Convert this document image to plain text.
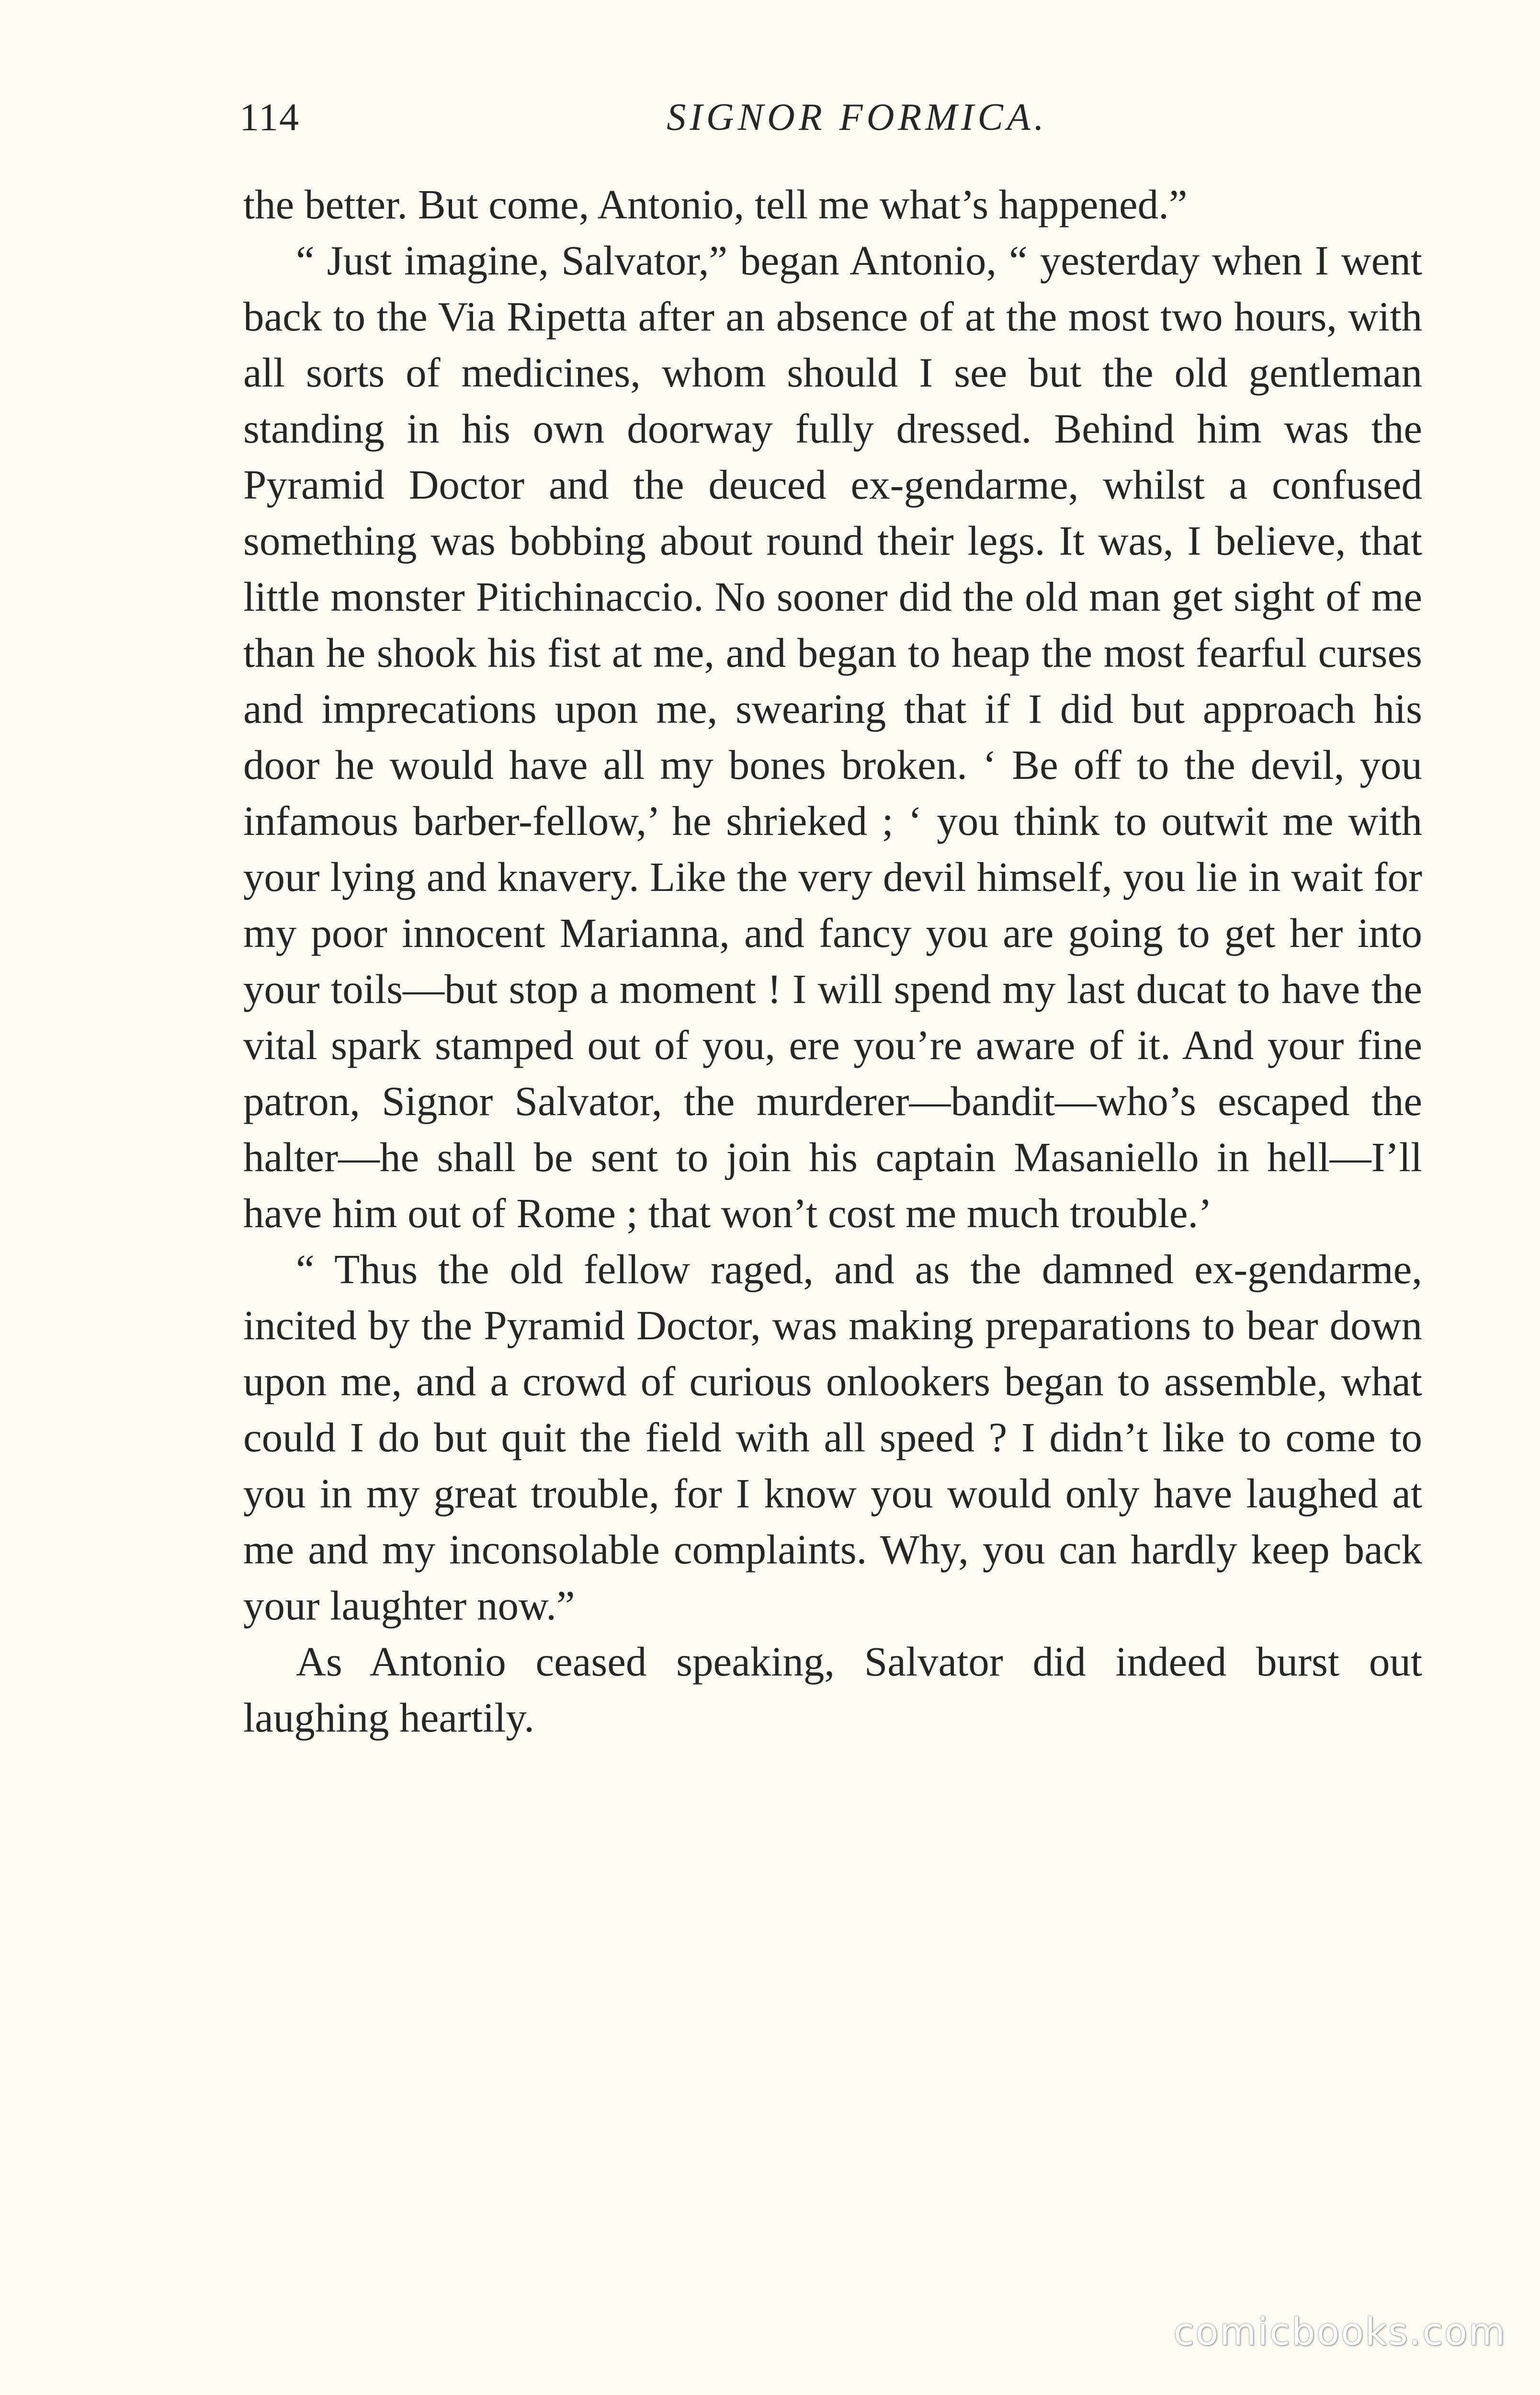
114	SIGNOR FORMICA.

the better. But come, Antonio, tell me what’s happened.”

“ Just imagine, Salvator,” began Antonio, “ yesterday when I went back to the Via Ripetta after an absence of at the most two hours, with all sorts of medicines, whom should I see but the old gentleman standing in his own doorway fully dressed. Behind him was the Pyramid Doctor and the deuced ex-gendarme, whilst a confused something was bobbing about round their legs. It was, I believe, that little monster Pitichinaccio. No sooner did the old man get sight of me than he shook his fist at me, and began to heap the most fearful curses and imprecations upon me, swearing that if I did but approach his door he would have all my bones broken. ‘ Be off to the devil, you infamous barber-fellow,’ he shrieked ; ‘ you think to outwit me with your lying and knavery. Like the very devil himself, you lie in wait for my poor innocent Marianna, and fancy you are going to get her into your toils—but stop a moment ! I will spend my last ducat to have the vital spark stamped out of you, ere you’re aware of it. And your fine patron, Signor Salvator, the murderer—bandit—who’s escaped the halter—he shall be sent to join his captain Masaniello in hell—I’ll have him out of Rome ; that won’t cost me much trouble.’

“ Thus the old fellow raged, and as the damned ex-gendarme, incited by the Pyramid Doctor, was making preparations to bear down upon me, and a crowd of curious onlookers began to assemble, what could I do but quit the field with all speed ? I didn’t like to come to you in my great trouble, for I know you would only have laughed at me and my inconsolable complaints. Why, you can hardly keep back your laughter now.”

As Antonio ceased speaking, Salvator did indeed burst out laughing heartily.

comicbooks.com
